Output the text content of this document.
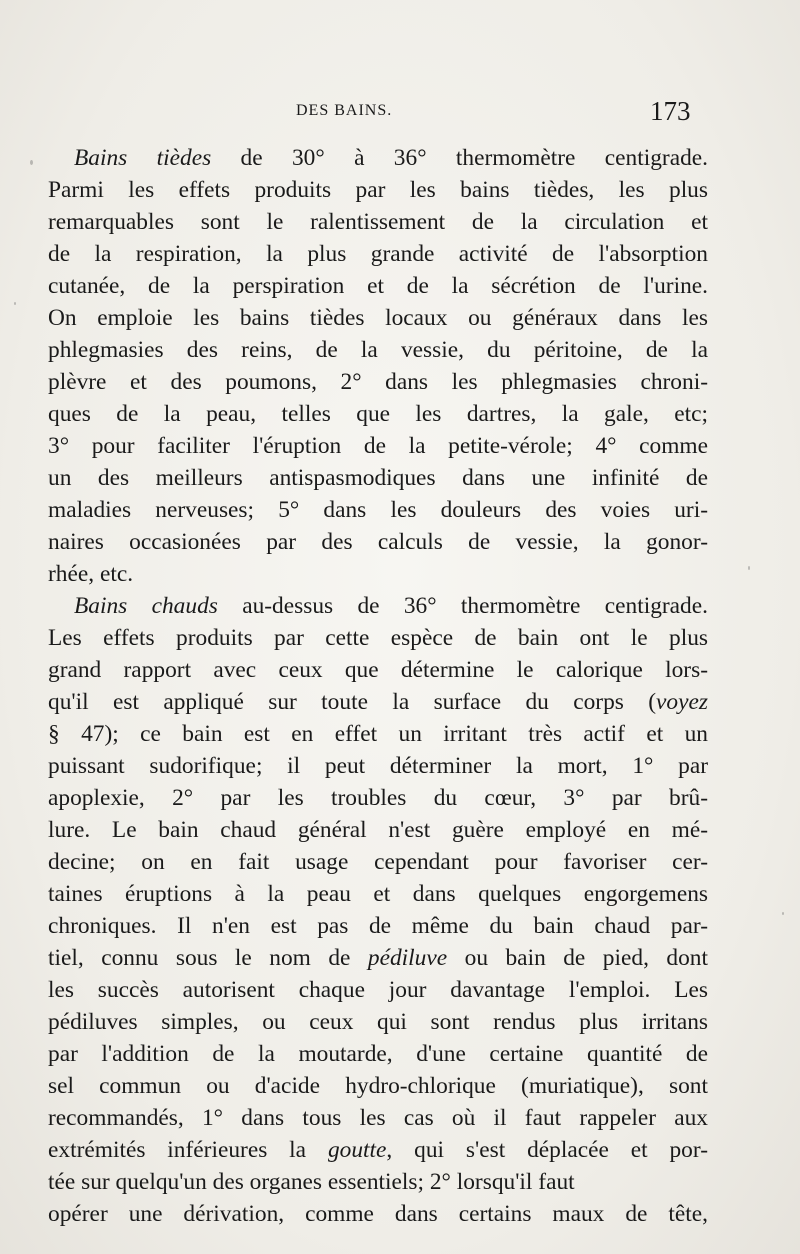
DES BAINS.	173
Bains tièdes de 30° à 36° thermomètre centigrade.
Parmi les effets produits par les bains tièdes, les plus
remarquables sont le ralentissement de la circulation et
de la respiration, la plus grande activité de l'absorption
cutanée, de la perspiration et de la sécrétion de l'urine.
On emploie les bains tièdes locaux ou généraux dans les
phlegmasies des reins, de la vessie, du péritoine, de la
plèvre et des poumons, 2° dans les phlegmasies chroni-
ques de la peau, telles que les dartres, la gale, etc;
3° pour faciliter l'éruption de la petite-vérole; 4° comme
un des meilleurs antispasmodiques dans une infinité de
maladies nerveuses; 5° dans les douleurs des voies uri-
naires occasionées par des calculs de vessie, la gonor-
rhée, etc.
Bains chauds au-dessus de 36° thermomètre centigrade.
Les effets produits par cette espèce de bain ont le plus
grand rapport avec ceux que détermine le calorique lors-
qu'il est appliqué sur toute la surface du corps (voyez
§ 47); ce bain est en effet un irritant très actif et un
puissant sudorifique; il peut déterminer la mort, 1° par
apoplexie, 2° par les troubles du cœur, 3° par brû-
lure. Le bain chaud général n'est guère employé en mé-
decine; on en fait usage cependant pour favoriser cer-
taines éruptions à la peau et dans quelques engorgemens
chroniques. Il n'en est pas de même du bain chaud par-
tiel, connu sous le nom de pédiluve ou bain de pied, dont
les succès autorisent chaque jour davantage l'emploi. Les
pédiluves simples, ou ceux qui sont rendus plus irritans
par l'addition de la moutarde, d'une certaine quantité de
sel commun ou d'acide hydro-chlorique (muriatique), sont
recommandés, 1° dans tous les cas où il faut rappeler aux
extrémités inférieures la goutte, qui s'est déplacée et por-
tée sur quelqu'un des organes essentiels; 2° lorsqu'il faut
opérer une dérivation, comme dans certains maux de tête,
